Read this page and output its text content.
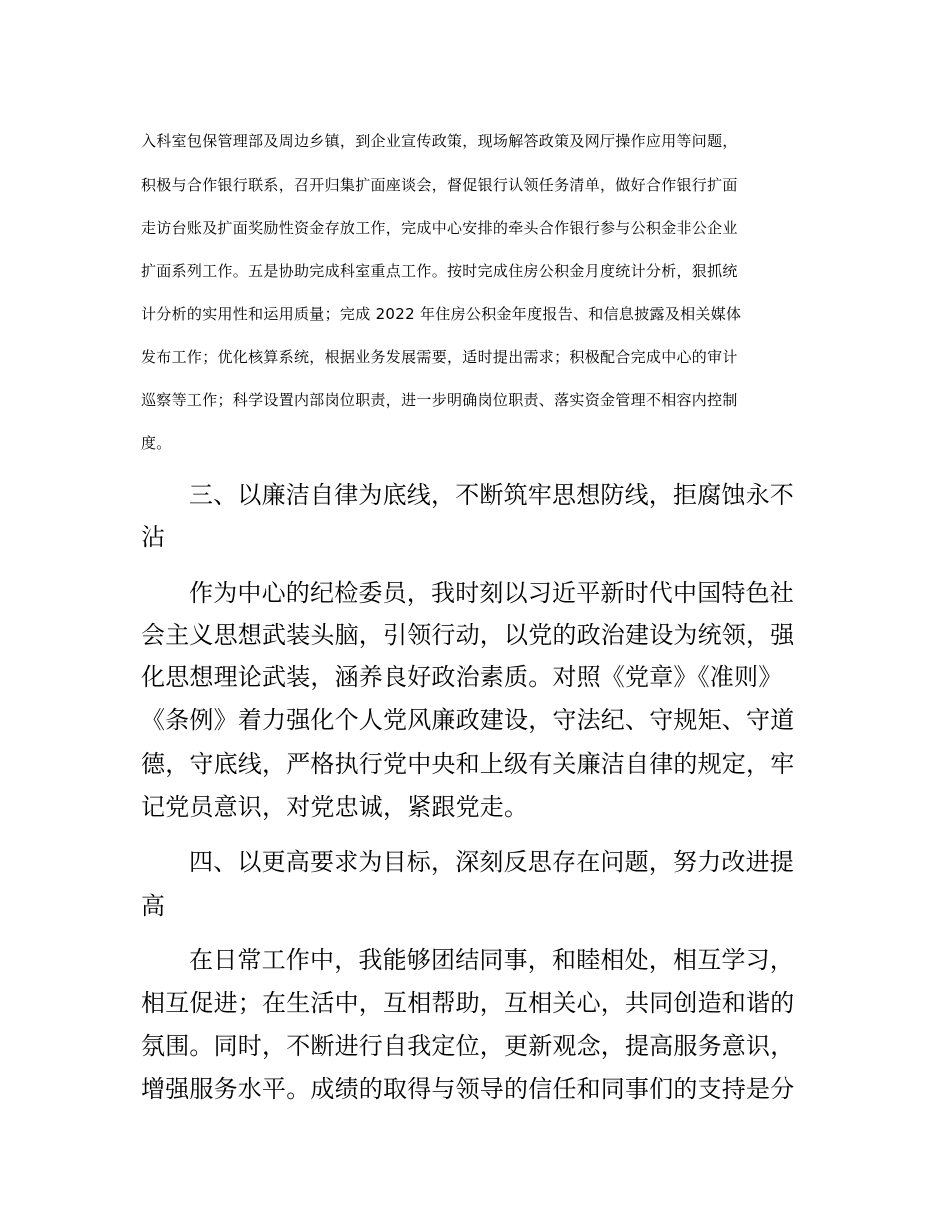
入科室包保管理部及周边乡镇，到企业宣传政策，现场解答政策及网厅操作应用等问题，
积极与合作银行联系，召开归集扩面座谈会，督促银行认领任务清单，做好合作银行扩面
走访台账及扩面奖励性资金存放工作，完成中心安排的牵头合作银行参与公积金非公企业
扩面系列工作。五是协助完成科室重点工作。按时完成住房公积金月度统计分析，狠抓统
计分析的实用性和运用质量；完成 2022 年住房公积金年度报告、和信息披露及相关媒体
发布工作；优化核算系统，根据业务发展需要，适时提出需求；积极配合完成中心的审计
巡察等工作；科学设置内部岗位职责，进一步明确岗位职责、落实资金管理不相容内控制
度。
三、以廉洁自律为底线，不断筑牢思想防线，拒腐蚀永不
沾
作为中心的纪检委员，我时刻以习近平新时代中国特色社
会主义思想武装头脑，引领行动，以党的政治建设为统领，强
化思想理论武装，涵养良好政治素质。对照《党章》《准则》
《条例》着力强化个人党风廉政建设，守法纪、守规矩、守道
德，守底线，严格执行党中央和上级有关廉洁自律的规定，牢
记党员意识，对党忠诚，紧跟党走。
四、以更高要求为目标，深刻反思存在问题，努力改进提
高
在日常工作中，我能够团结同事，和睦相处，相互学习，
相互促进；在生活中，互相帮助，互相关心，共同创造和谐的
氛围。同时，不断进行自我定位，更新观念，提高服务意识，
增强服务水平。成绩的取得与领导的信任和同事们的支持是分
